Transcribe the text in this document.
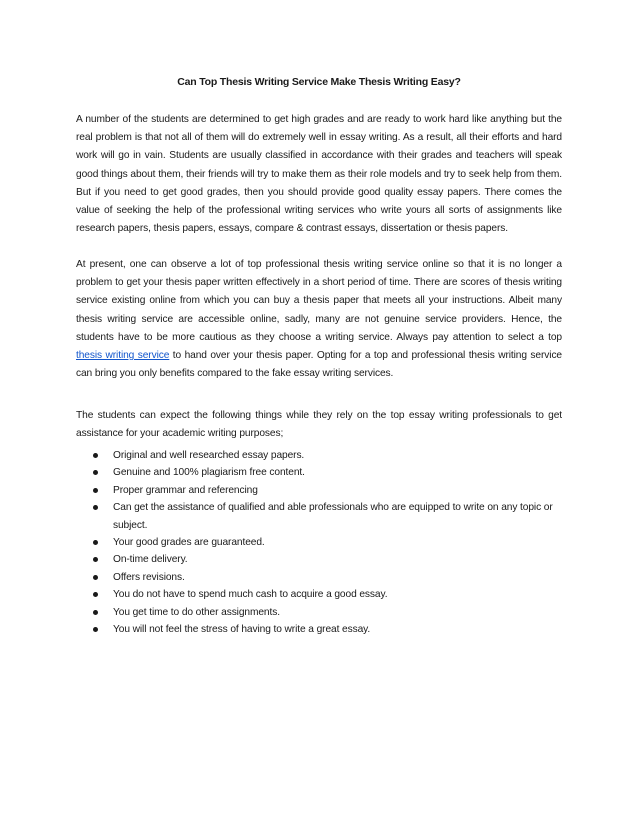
Can Top Thesis Writing Service Make Thesis Writing Easy?

A number of the students are determined to get high grades and are ready to work hard like anything but the real problem is that not all of them will do extremely well in essay writing. As a result, all their efforts and hard work will go in vain. Students are usually classified in accordance with their grades and teachers will speak good things about them, their friends will try to make them as their role models and try to seek help from them. But if you need to get good grades, then you should provide good quality essay papers. There comes the value of seeking the help of the professional writing services who write yours all sorts of assignments like research papers, thesis papers, essays, compare & contrast essays, dissertation or thesis papers.

At present, one can observe a lot of top professional thesis writing service online so that it is no longer a problem to get your thesis paper written effectively in a short period of time. There are scores of thesis writing service existing online from which you can buy a thesis paper that meets all your instructions. Albeit many thesis writing service are accessible online, sadly, many are not genuine service providers. Hence, the students have to be more cautious as they choose a writing service. Always pay attention to select a top thesis writing service to hand over your thesis paper. Opting for a top and professional thesis writing service can bring you only benefits compared to the fake essay writing services.

The students can expect the following things while they rely on the top essay writing professionals to get assistance for your academic writing purposes;

Original and well researched essay papers.
Genuine and 100% plagiarism free content.
Proper grammar and referencing
Can get the assistance of qualified and able professionals who are equipped to write on any topic or subject.
Your good grades are guaranteed.
On-time delivery.
Offers revisions.
You do not have to spend much cash to acquire a good essay.
You get time to do other assignments.
You will not feel the stress of having to write a great essay.
